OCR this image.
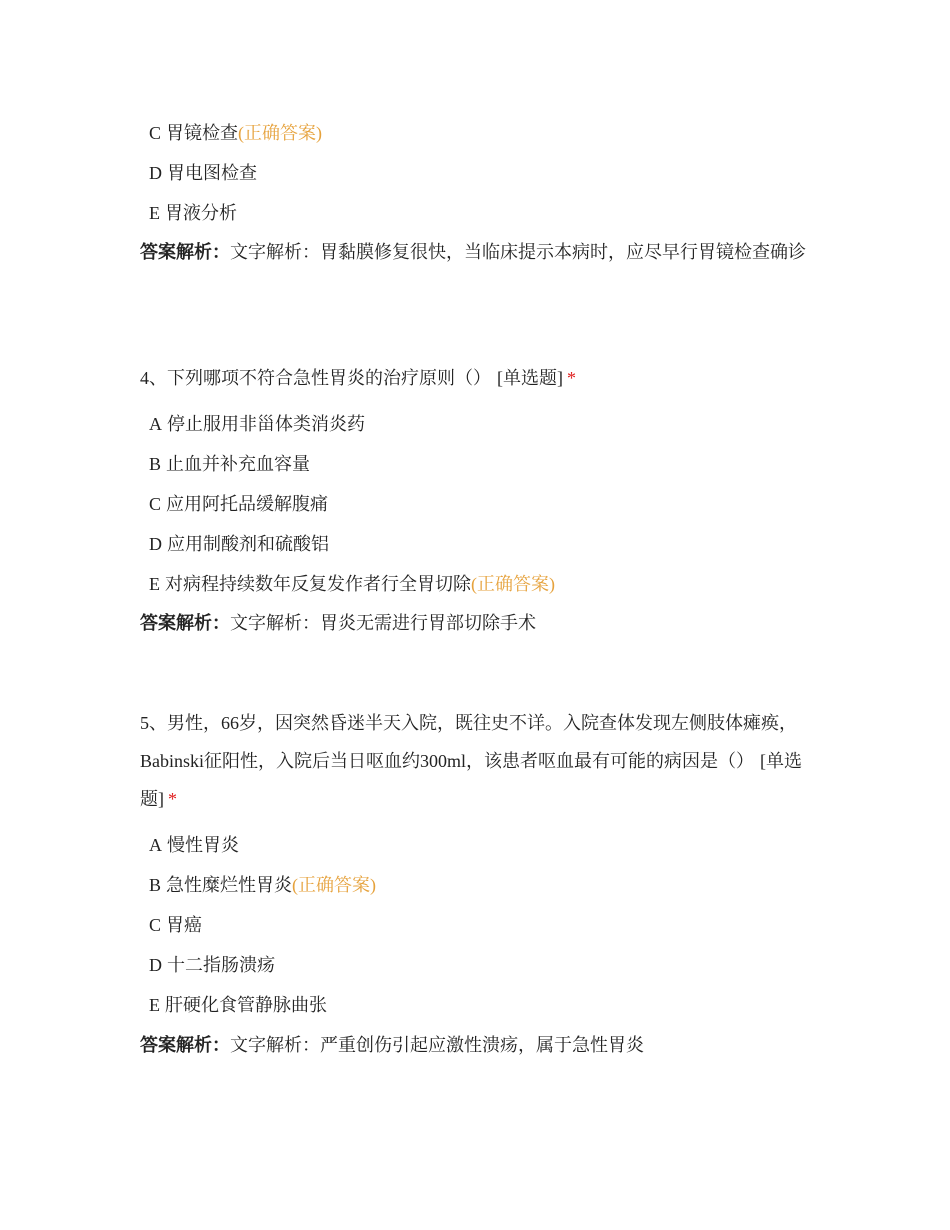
C 胃镜检查(正确答案)
D 胃电图检查
E 胃液分析
答案解析：文字解析：胃黏膜修复很快，当临床提示本病时，应尽早行胃镜检查确诊
4、下列哪项不符合急性胃炎的治疗原则（） [单选题] *
A 停止服用非甾体类消炎药
B 止血并补充血容量
C 应用阿托品缓解腹痛
D 应用制酸剂和硫酸铝
E 对病程持续数年反复发作者行全胃切除(正确答案)
答案解析：文字解析：胃炎无需进行胃部切除手术
5、男性，66岁，因突然昏迷半天入院，既往史不详。入院查体发现左侧肢体瘫痪， Babinski征阳性，入院后当日呕血约300ml，该患者呕血最有可能的病因是（） [单选题] *
A 慢性胃炎
B 急性糜烂性胃炎(正确答案)
C 胃癌
D 十二指肠溃疡
E 肝硬化食管静脉曲张
答案解析：文字解析：严重创伤引起应激性溃疡，属于急性胃炎
